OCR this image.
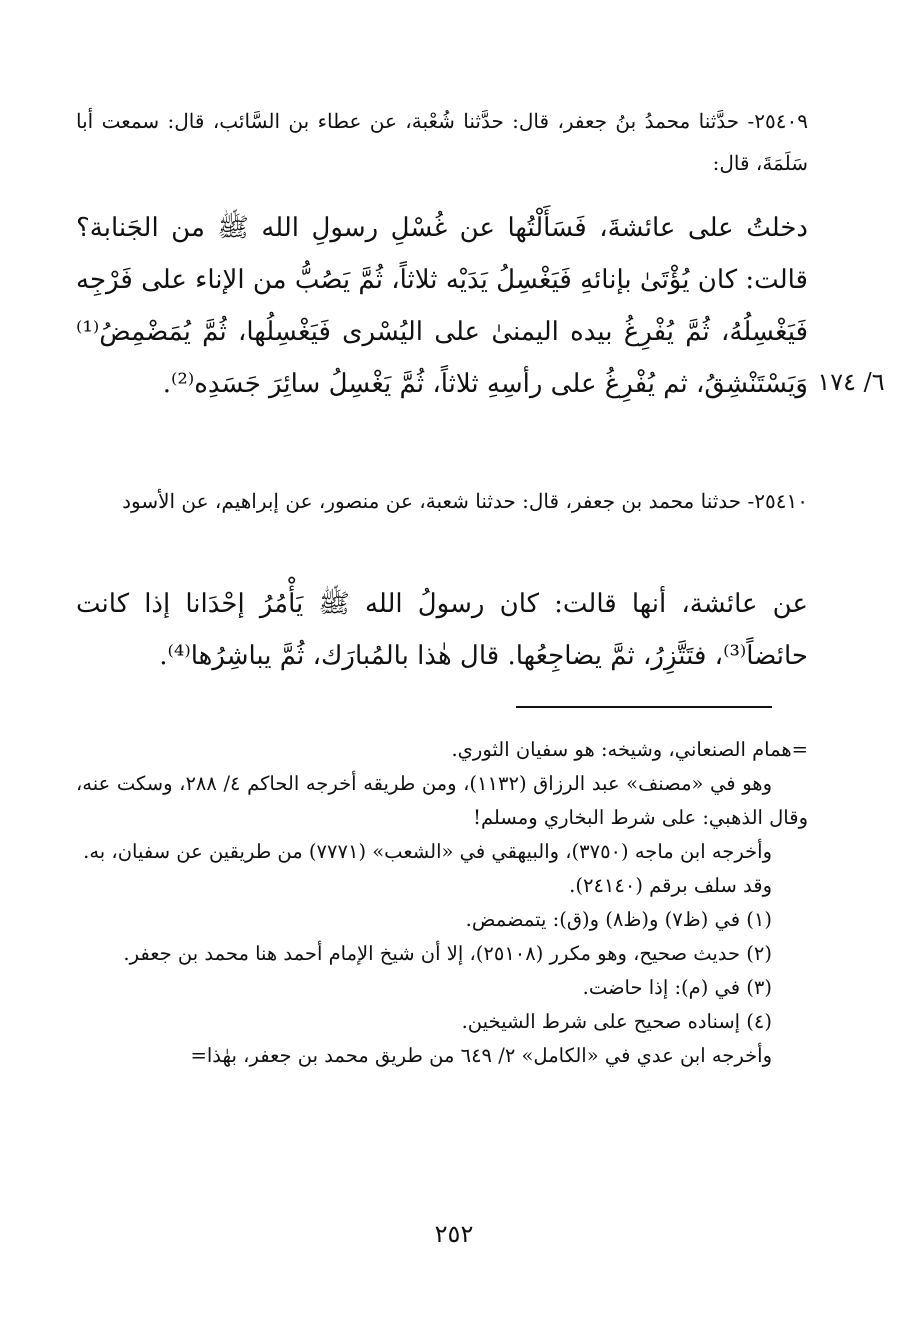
٢٥٤٠٩- حدَّثنا محمدُ بنُ جعفر، قال: حدَّثنا شُعْبة، عن عطاء بن السَّائب، قال: سمعت أبا سَلَمَةَ، قال:
دخلتُ على عائشةَ، فَسَأَلْتُها عن غُسْلِ رسولِ الله ﷺ من الجَنابة؟ قالت: كان يُؤْتَىٰ بإنائهِ فَيَغْسِلُ يَدَيْه ثلاثاً، ثُمَّ يَصُبُّ من الإناء على فَرْجِه فَيَغْسِلُهُ، ثُمَّ يُفْرِغُ بيده اليمنىٰ على اليُسْرى فَيَغْسِلُها، ثُمَّ يُمَضْمِضُ⁽¹⁾ وَيَسْتَنْشِقُ، ثم يُفْرِغُ على رأسِهِ ثلاثاً، ثُمَّ يَغْسِلُ سائِرَ جَسَدِه⁽²⁾. ٦/ ١٧٤
٢٥٤١٠- حدثنا محمد بن جعفر، قال: حدثنا شعبة، عن منصور، عن إبراهيم، عن الأسود
عن عائشة، أنها قالت: كان رسولُ الله ﷺ يَأْمُرُ إحْدَانا إذا كانت حائضاً⁽³⁾، فتَتَّزِرُ، ثمَّ يضاجِعُها. قال هٰذا بالمُبارَك، ثُمَّ يباشِرُها⁽⁴⁾.

=همام الصنعاني، وشيخه: هو سفيان الثوري.

وهو في «مصنف» عبد الرزاق (١١٣٢)، ومن طريقه أخرجه الحاكم ٤/ ٢٨٨، وسكت عنه، وقال الذهبي: على شرط البخاري ومسلم!

وأخرجه ابن ماجه (٣٧٥٠)، والبيهقي في «الشعب» (٧٧٧١) من طريقين عن سفيان، به.

وقد سلف برقم (٢٤١٤٠).

(١) في (ظ٧) و(ظ٨) و(ق): يتمضمض.

(٢) حديث صحيح، وهو مكرر (٢٥١٠٨)، إلا أن شيخ الإمام أحمد هنا محمد بن جعفر.

(٣) في (م): إذا حاضت.

(٤) إسناده صحيح على شرط الشيخين.

وأخرجه ابن عدي في «الكامل» ٢/ ٦٤٩ من طريق محمد بن جعفر، بهٰذا=

٢٥٢
